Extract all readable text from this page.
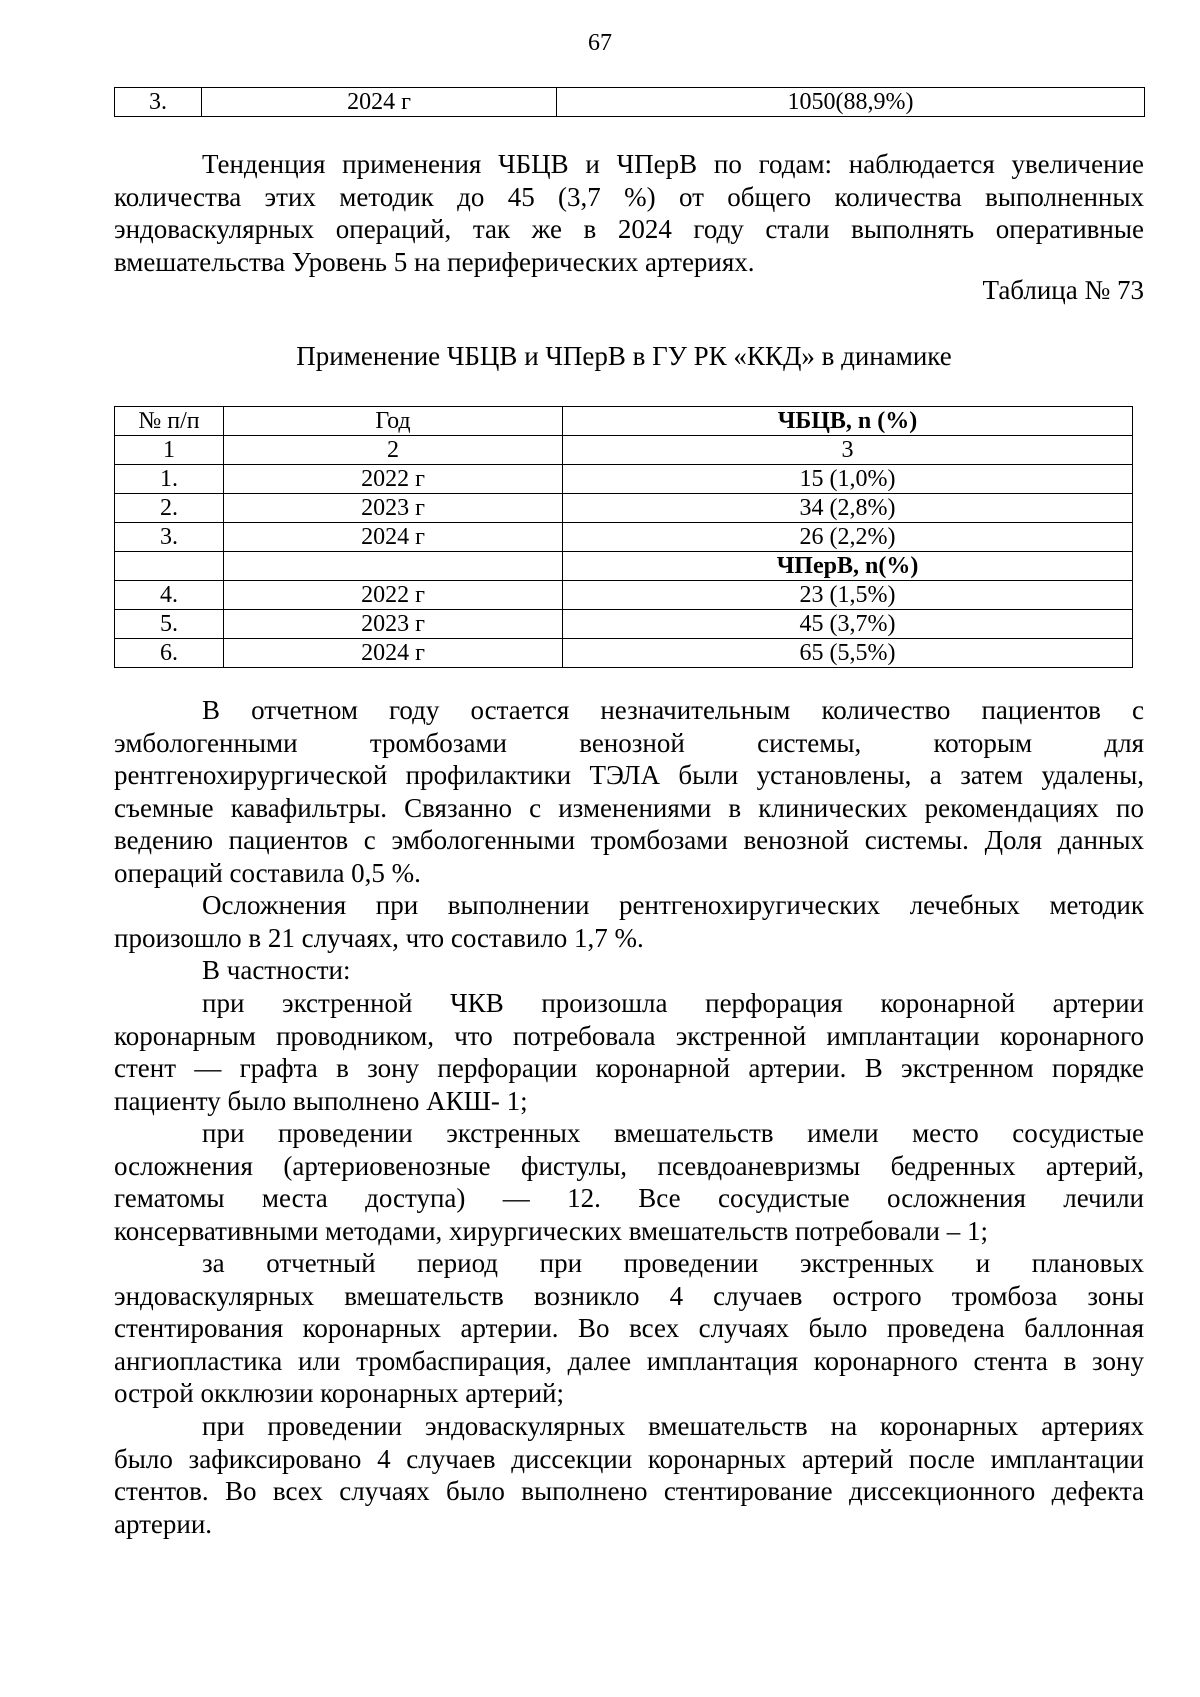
67
3.	2024 г	1050(88,9%)
Тенденция применения ЧБЦВ и ЧПерВ по годам: наблюдается увеличение
количества этих методик до 45 (3,7 %) от общего количества выполненных
эндоваскулярных операций, так же в 2024 году стали выполнять оперативные
вмешательства Уровень 5 на периферических артериях.
Таблица № 73
Применение ЧБЦВ и ЧПерВ в ГУ РК «ККД» в динамике
№ п/п	Год	ЧБЦВ, n (%)
1	2	3
1.	2022 г	15 (1,0%)
2.	2023 г	34 (2,8%)
3.	2024 г	26 (2,2%)
		ЧПерВ, n(%)
4.	2022 г	23 (1,5%)
5.	2023 г	45 (3,7%)
6.	2024 г	65 (5,5%)
В отчетном году остается незначительным количество пациентов с
эмбологенными тромбозами венозной системы, которым для
рентгенохирургической профилактики ТЭЛА были установлены, а затем удалены,
съемные кавафильтры. Связанно с изменениями в клинических рекомендациях по
ведению пациентов с эмбологенными тромбозами венозной системы. Доля данных
операций составила 0,5 %.
Осложнения при выполнении рентгенохиругических лечебных методик
произошло в 21 случаях, что составило 1,7 %.
В частности:
при экстренной ЧКВ произошла перфорация коронарной артерии
коронарным проводником, что потребовала экстренной имплантации коронарного
стент — графта в зону перфорации коронарной артерии. В экстренном порядке
пациенту было выполнено АКШ- 1;
при проведении экстренных вмешательств имели место сосудистые
осложнения (артериовенозные фистулы, псевдоаневризмы бедренных артерий,
гематомы места доступа) — 12. Все сосудистые осложнения лечили
консервативными методами, хирургических вмешательств потребовали – 1;
за отчетный период при проведении экстренных и плановых
эндоваскулярных вмешательств возникло 4 случаев острого тромбоза зоны
стентирования коронарных артерии. Во всех случаях было проведена баллонная
ангиопластика или тромбаспирация, далее имплантация коронарного стента в зону
острой окклюзии коронарных артерий;
при проведении эндоваскулярных вмешательств на коронарных артериях
было зафиксировано 4 случаев диссекции коронарных артерий после имплантации
стентов. Во всех случаях было выполнено стентирование диссекционного дефекта
артерии.
